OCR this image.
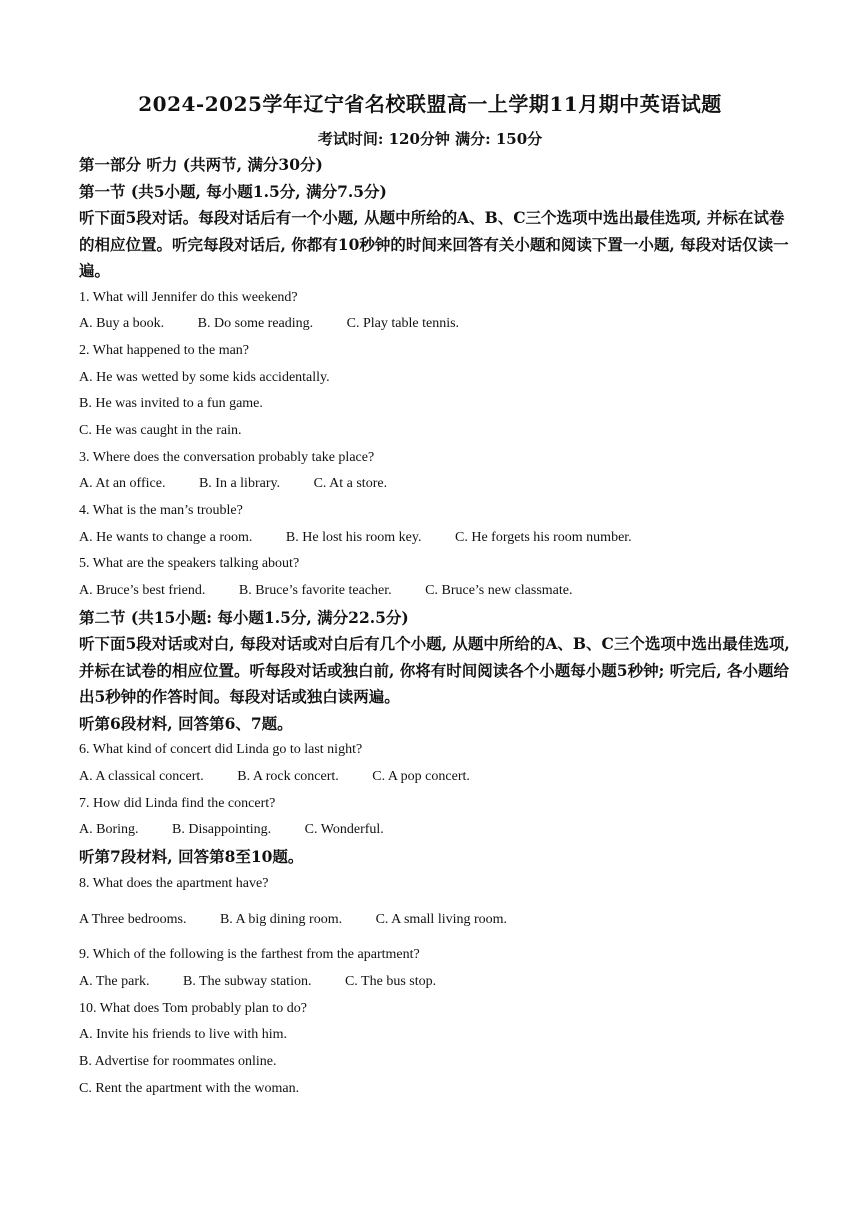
2024-2025学年辽宁省名校联盟高一上学期11月期中英语试题
考试时间: 120分钟 满分: 150分

第一部分 听力 (共两节, 满分30分)

第一节 (共5小题, 每小题1.5分, 满分7.5分)

听下面5段对话。每段对话后有一个小题, 从题中所给的A、B、C三个选项中选出最佳选项, 并标在试卷的相应位置。听完每段对话后, 你都有10秒钟的时间来回答有关小题和阅读下置一小题, 每段对话仅读一遍。

1. What will Jennifer do this weekend?

A. Buy a book. B. Do some reading. C. Play table tennis.

2. What happened to the man?

A. He was wetted by some kids accidentally.

B. He was invited to a fun game.

C. He was caught in the rain.

3. Where does the conversation probably take place?

A. At an office. B. In a library. C. At a store.

4. What is the man’s trouble?

A. He wants to change a room. B. He lost his room key. C. He forgets his room number.

5. What are the speakers talking about?

A. Bruce’s best friend. B. Bruce’s favorite teacher. C. Bruce’s new classmate.

第二节 (共15小题: 每小题1.5分, 满分22.5分)

听下面5段对话或对白, 每段对话或对白后有几个小题, 从题中所给的A、B、C三个选项中选出最佳选项, 并标在试卷的相应位置。听每段对话或独白前, 你将有时间阅读各个小题每小题5秒钟; 听完后, 各小题给出5秒钟的作答时间。每段对话或独白读两遍。

听第6段材料, 回答第6、7题。

6. What kind of concert did Linda go to last night?

A. A classical concert. B. A rock concert. C. A pop concert.

7. How did Linda find the concert?

A. Boring. B. Disappointing. C. Wonderful.

听第7段材料, 回答第8至10题。

8. What does the apartment have?

A Three bedrooms. B. A big dining room. C. A small living room.

9. Which of the following is the farthest from the apartment?

A. The park. B. The subway station. C. The bus stop.

10. What does Tom probably plan to do?

A. Invite his friends to live with him.

B. Advertise for roommates online.

C. Rent the apartment with the woman.
